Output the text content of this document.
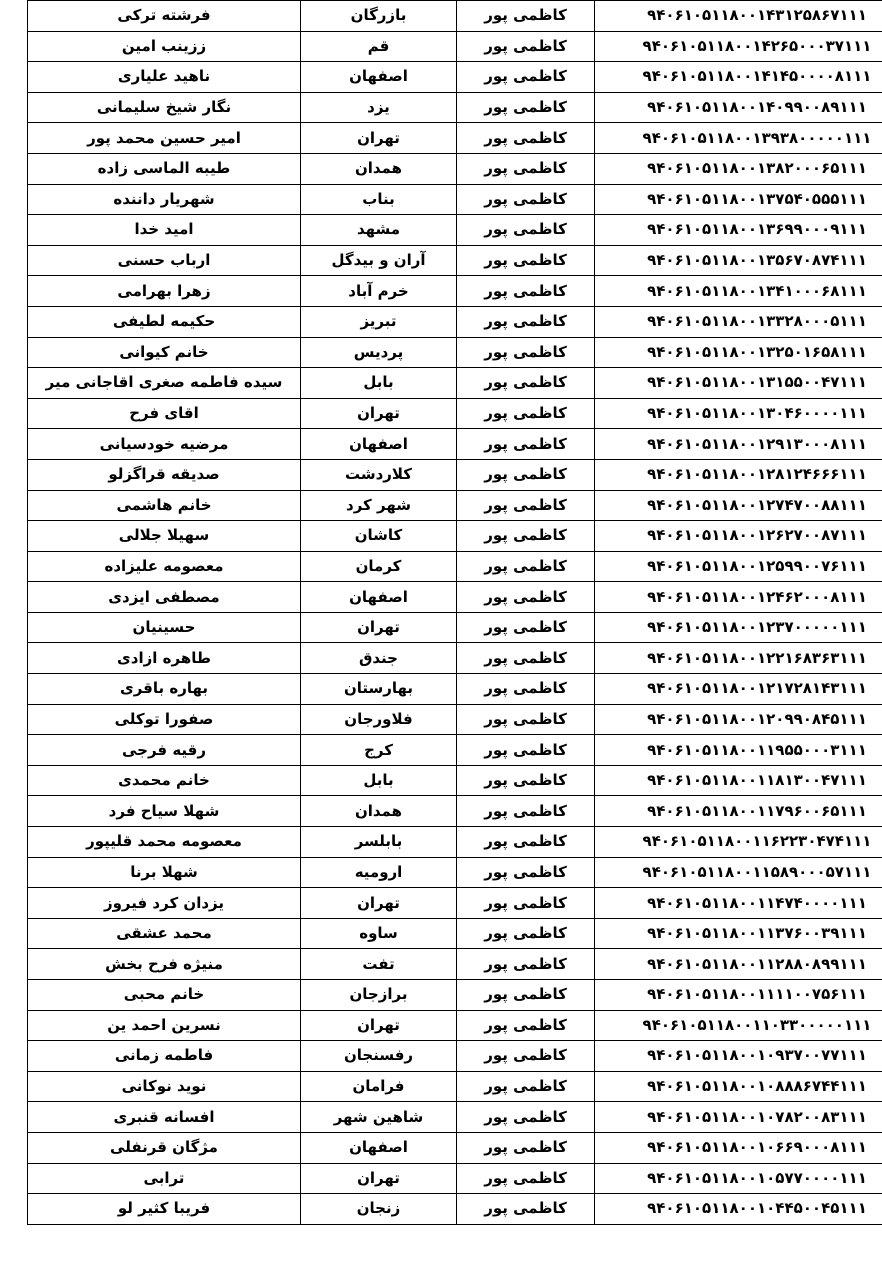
فرشته ترکی	بازرگان	کاظمی پور	۹۴۰۶۱۰۵۱۱۸۰۰۱۴۳۱۲۵۸۶۷۱۱۱
ززینب امین	قم	کاظمی پور	۹۴۰۶۱۰۵۱۱۸۰۰۱۴۲۶۵۰۰۰۳۷۱۱۱
ناهید علیاری	اصفهان	کاظمی پور	۹۴۰۶۱۰۵۱۱۸۰۰۱۴۱۴۵۰۰۰۰۸۱۱۱
نگار شیخ سلیمانی	یزد	کاظمی پور	۹۴۰۶۱۰۵۱۱۸۰۰۱۴۰۹۹۰۰۸۹۱۱۱
امیر حسین محمد پور	تهران	کاظمی پور	۹۴۰۶۱۰۵۱۱۸۰۰۱۳۹۳۸۰۰۰۰۰۱۱۱
طیبه الماسی زاده	همدان	کاظمی پور	۹۴۰۶۱۰۵۱۱۸۰۰۱۳۸۲۰۰۰۶۵۱۱۱
شهریار داننده	بناب	کاظمی پور	۹۴۰۶۱۰۵۱۱۸۰۰۱۳۷۵۴۰۵۵۵۱۱۱
امید خدا	مشهد	کاظمی پور	۹۴۰۶۱۰۵۱۱۸۰۰۱۳۶۹۹۰۰۰۹۱۱۱
ارباب حسنی	آران و بیدگل	کاظمی پور	۹۴۰۶۱۰۵۱۱۸۰۰۱۳۵۶۷۰۸۷۴۱۱۱
زهرا بهرامی	خرم آباد	کاظمی پور	۹۴۰۶۱۰۵۱۱۸۰۰۱۳۴۱۰۰۰۶۸۱۱۱
حکیمه لطیفی	تبریز	کاظمی پور	۹۴۰۶۱۰۵۱۱۸۰۰۱۳۳۲۸۰۰۰۵۱۱۱
خانم کیوانی	پردیس	کاظمی پور	۹۴۰۶۱۰۵۱۱۸۰۰۱۳۲۵۰۱۶۵۸۱۱۱
سیده فاطمه صغری اقاجانی میر	بابل	کاظمی پور	۹۴۰۶۱۰۵۱۱۸۰۰۱۳۱۵۵۰۰۴۷۱۱۱
اقای فرح	تهران	کاظمی پور	۹۴۰۶۱۰۵۱۱۸۰۰۱۳۰۴۶۰۰۰۰۱۱۱
مرضیه خودسیانی	اصفهان	کاظمی پور	۹۴۰۶۱۰۵۱۱۸۰۰۱۲۹۱۳۰۰۰۸۱۱۱
صدیقه قراگزلو	کلاردشت	کاظمی پور	۹۴۰۶۱۰۵۱۱۸۰۰۱۲۸۱۲۴۶۶۶۱۱۱
خانم هاشمی	شهر کرد	کاظمی پور	۹۴۰۶۱۰۵۱۱۸۰۰۱۲۷۴۷۰۰۸۸۱۱۱
سهیلا جلالی	کاشان	کاظمی پور	۹۴۰۶۱۰۵۱۱۸۰۰۱۲۶۲۷۰۰۸۷۱۱۱
معصومه علیزاده	کرمان	کاظمی پور	۹۴۰۶۱۰۵۱۱۸۰۰۱۲۵۹۹۰۰۷۶۱۱۱
مصطفی ایزدی	اصفهان	کاظمی پور	۹۴۰۶۱۰۵۱۱۸۰۰۱۲۴۶۲۰۰۰۸۱۱۱
حسینیان	تهران	کاظمی پور	۹۴۰۶۱۰۵۱۱۸۰۰۱۲۳۷۰۰۰۰۰۱۱۱
طاهره ازادی	جندق	کاظمی پور	۹۴۰۶۱۰۵۱۱۸۰۰۱۲۲۱۶۸۳۶۳۱۱۱
بهاره باقری	بهارستان	کاظمی پور	۹۴۰۶۱۰۵۱۱۸۰۰۱۲۱۷۲۸۱۴۳۱۱۱
صفورا توکلی	فلاورجان	کاظمی پور	۹۴۰۶۱۰۵۱۱۸۰۰۱۲۰۹۹۰۸۴۵۱۱۱
رقیه فرجی	کرج	کاظمی پور	۹۴۰۶۱۰۵۱۱۸۰۰۱۱۹۵۵۰۰۰۳۱۱۱
خانم محمدی	بابل	کاظمی پور	۹۴۰۶۱۰۵۱۱۸۰۰۱۱۸۱۳۰۰۴۷۱۱۱
شهلا سیاح فرد	همدان	کاظمی پور	۹۴۰۶۱۰۵۱۱۸۰۰۱۱۷۹۶۰۰۶۵۱۱۱
معصومه محمد قلیپور	بابلسر	کاظمی پور	۹۴۰۶۱۰۵۱۱۸۰۰۱۱۶۲۲۳۰۴۷۴۱۱۱
شهلا برنا	ارومیه	کاظمی پور	۹۴۰۶۱۰۵۱۱۸۰۰۱۱۵۸۹۰۰۰۵۷۱۱۱
یزدان کرد فیروز	تهران	کاظمی پور	۹۴۰۶۱۰۵۱۱۸۰۰۱۱۴۷۴۰۰۰۰۱۱۱
محمد عشقی	ساوه	کاظمی پور	۹۴۰۶۱۰۵۱۱۸۰۰۱۱۳۷۶۰۰۳۹۱۱۱
منیژه فرح بخش	تفت	کاظمی پور	۹۴۰۶۱۰۵۱۱۸۰۰۱۱۲۸۸۰۸۹۹۱۱۱
خانم محبی	برازجان	کاظمی پور	۹۴۰۶۱۰۵۱۱۸۰۰۱۱۱۱۰۰۷۵۶۱۱۱
نسرین احمد ین	تهران	کاظمی پور	۹۴۰۶۱۰۵۱۱۸۰۰۱۱۰۳۳۰۰۰۰۰۱۱۱
فاطمه زمانی	رفسنجان	کاظمی پور	۹۴۰۶۱۰۵۱۱۸۰۰۱۰۹۳۷۰۰۷۷۱۱۱
نوید نوکانی	فرامان	کاظمی پور	۹۴۰۶۱۰۵۱۱۸۰۰۱۰۸۸۸۶۷۴۴۱۱۱
افسانه قنبری	شاهین شهر	کاظمی پور	۹۴۰۶۱۰۵۱۱۸۰۰۱۰۷۸۲۰۰۸۳۱۱۱
مژگان قرنفلی	اصفهان	کاظمی پور	۹۴۰۶۱۰۵۱۱۸۰۰۱۰۶۶۹۰۰۰۸۱۱۱
ترابی	تهران	کاظمی پور	۹۴۰۶۱۰۵۱۱۸۰۰۱۰۵۷۷۰۰۰۰۱۱۱
فریبا کثیر لو	زنجان	کاظمی پور	۹۴۰۶۱۰۵۱۱۸۰۰۱۰۴۴۵۰۰۴۵۱۱۱
